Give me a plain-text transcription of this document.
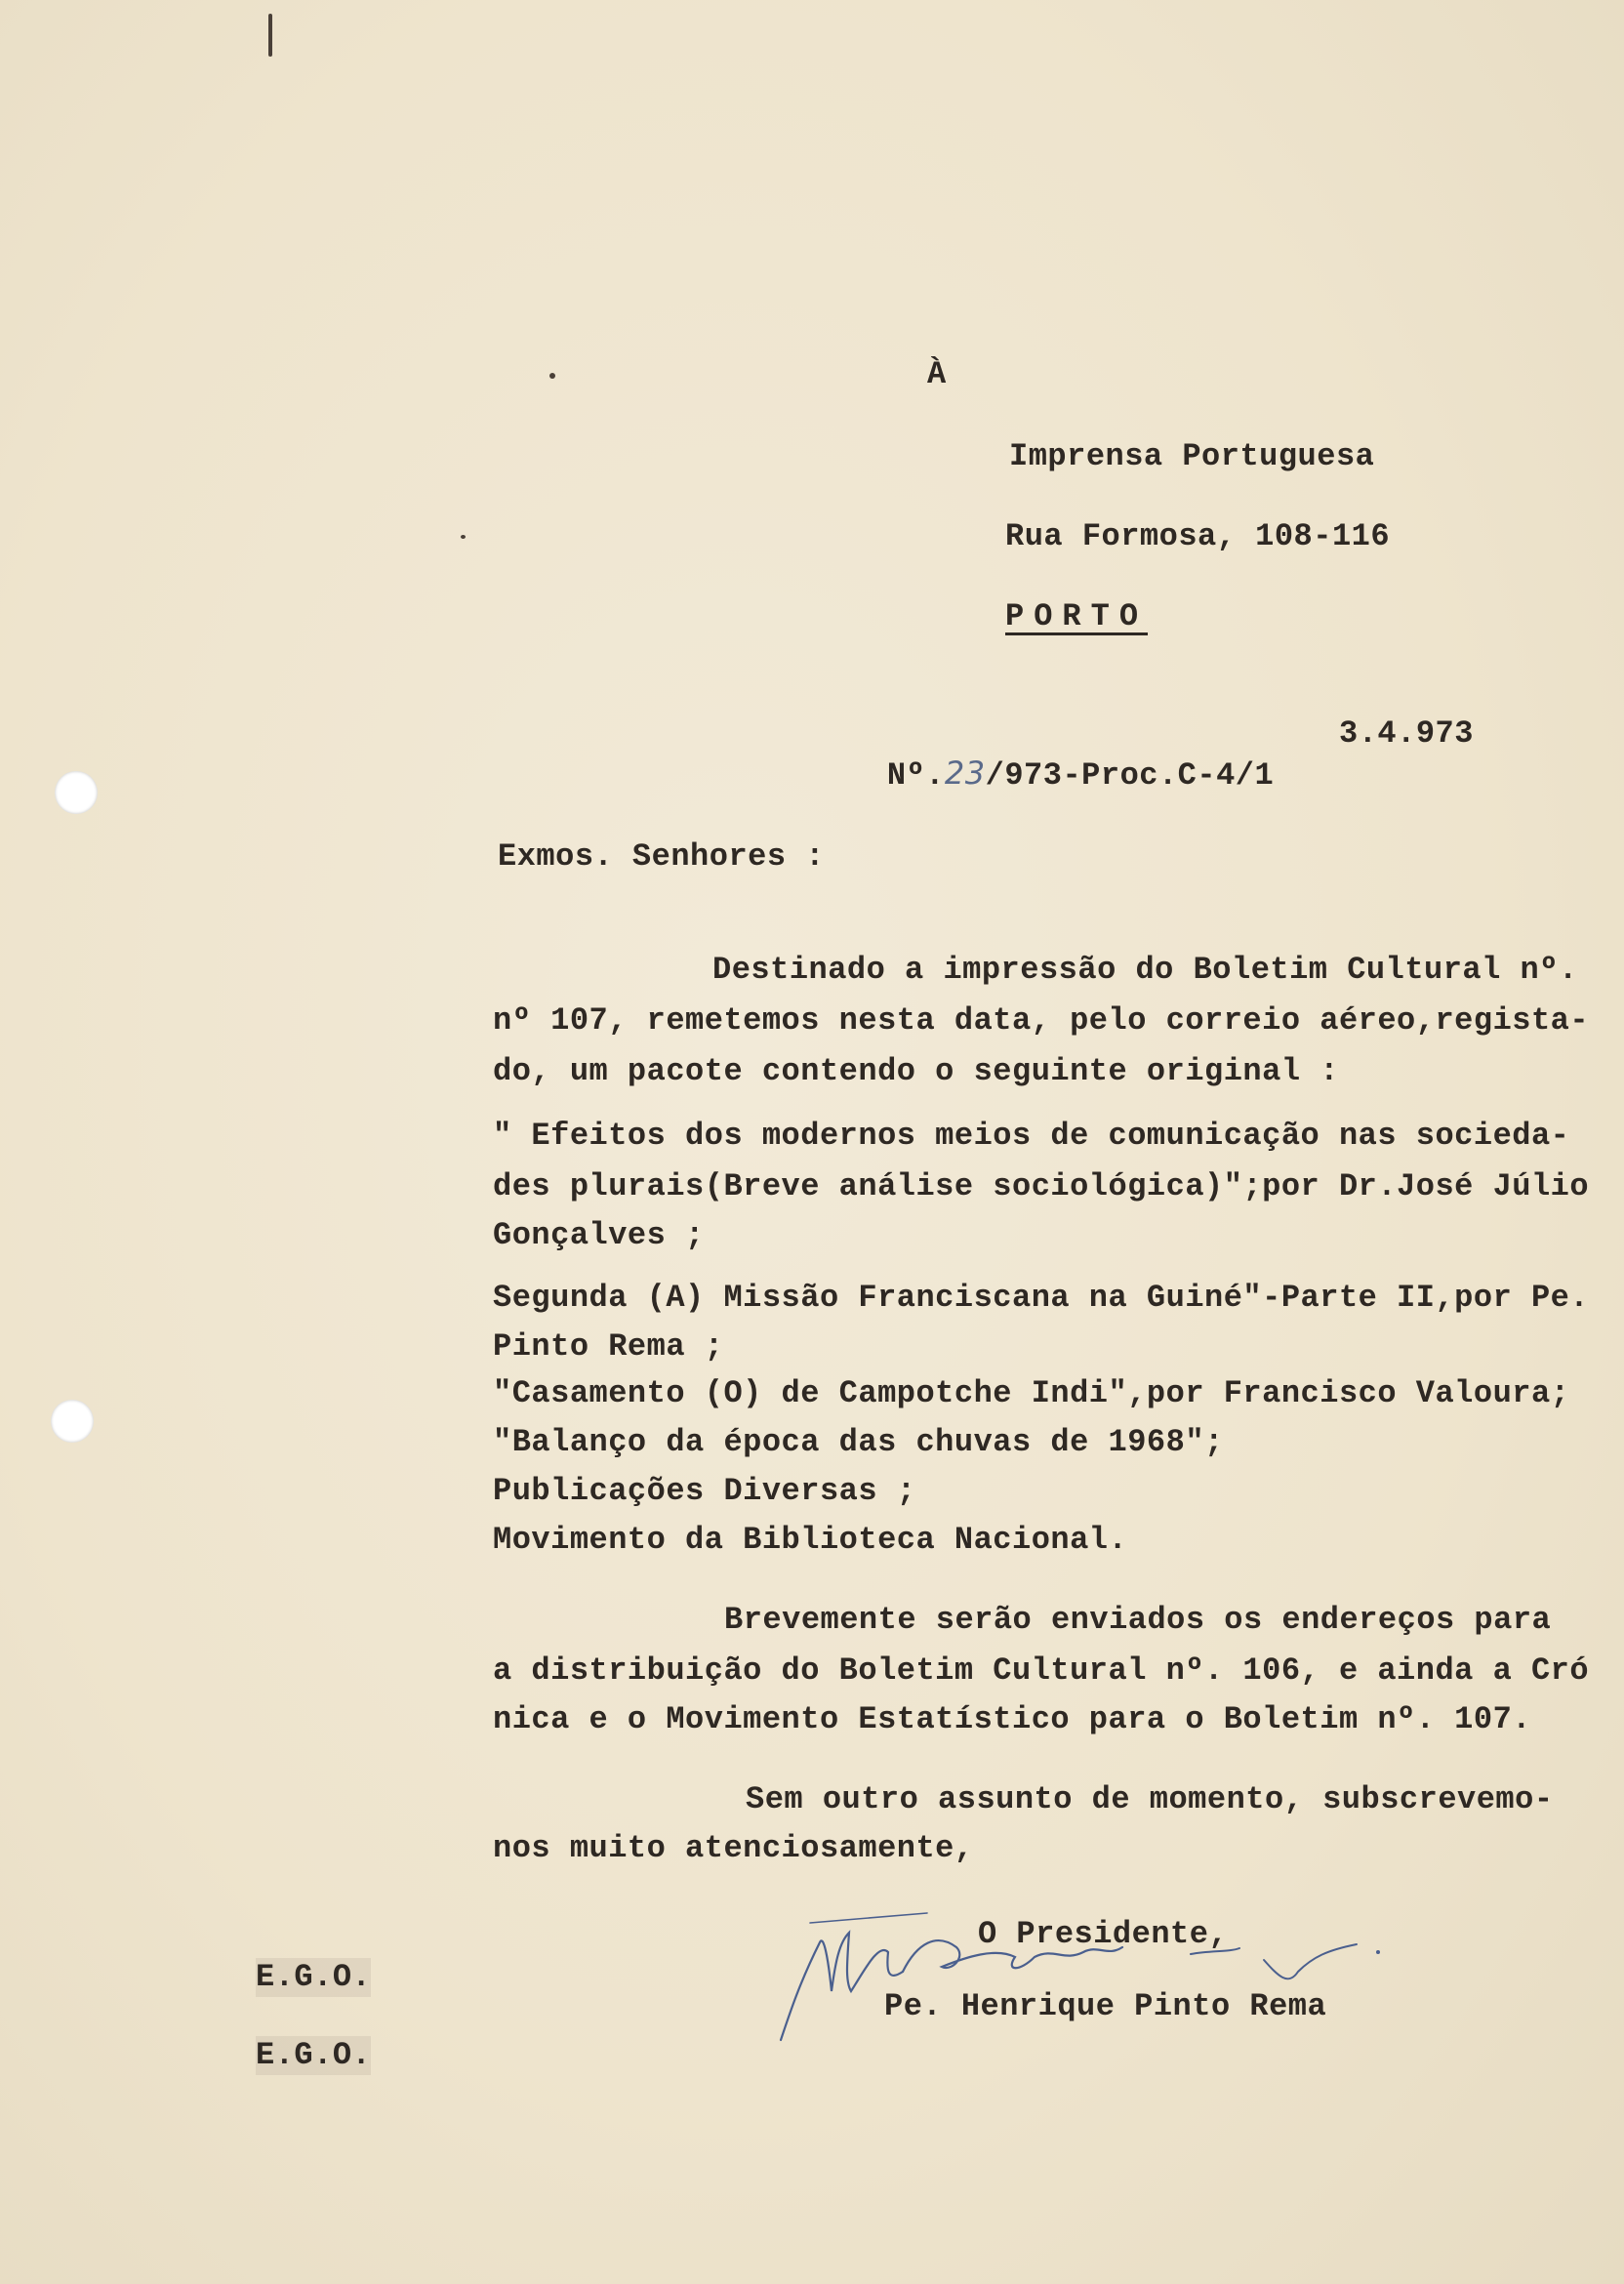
À
Imprensa Portuguesa
Rua Formosa, 108-116
PORTO

Nº.23/973-Proc.C-4/1

3.4.973
Exmos. Senhores :
Destinado a impressão do Boletim Cultural nº.
nº 107, remetemos nesta data, pelo correio aéreo,regista-
do, um pacote contendo o seguinte original :
" Efeitos dos modernos meios de comunicação nas socieda-
des plurais(Breve análise sociológica)";por Dr.José Júlio
Gonçalves ;
Segunda (A) Missão Franciscana na Guiné"-Parte II,por Pe.
Pinto Rema ;
"Casamento (O) de Campotche Indi",por Francisco Valoura;
"Balanço da época das chuvas de 1968";
Publicações Diversas ;
Movimento da Biblioteca Nacional.
Brevemente serão enviados os endereços para
a distribuição do Boletim Cultural nº. 106, e ainda a Cró
nica e o Movimento Estatístico para o Boletim nº. 107.
Sem outro assunto de momento, subscrevemo-
nos muito atenciosamente,
O Presidente,
Pe. Henrique Pinto Rema
E.G.O.
E.G.O.
